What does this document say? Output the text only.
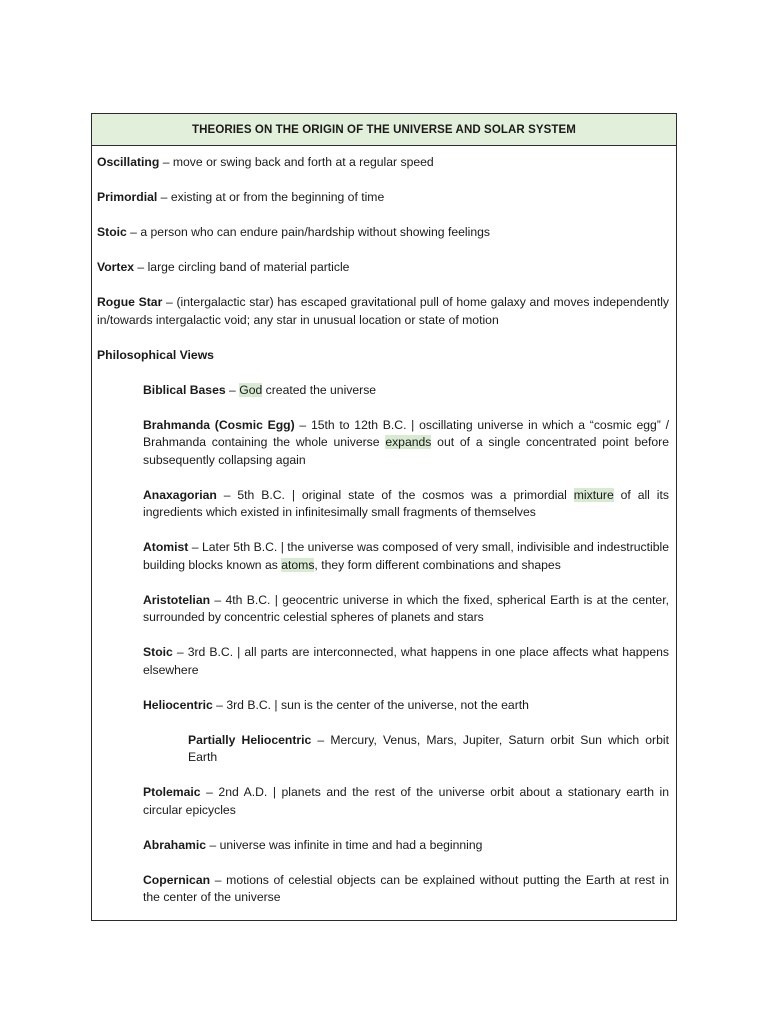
THEORIES ON THE ORIGIN OF THE UNIVERSE AND SOLAR SYSTEM

Oscillating – move or swing back and forth at a regular speed

Primordial – existing at or from the beginning of time

Stoic – a person who can endure pain/hardship without showing feelings

Vortex – large circling band of material particle

Rogue Star – (intergalactic star) has escaped gravitational pull of home galaxy and moves independently in/towards intergalactic void; any star in unusual location or state of motion

Philosophical Views

Biblical Bases – God created the universe

Brahmanda (Cosmic Egg) – 15th to 12th B.C. | oscillating universe in which a “cosmic egg” / Brahmanda containing the whole universe expands out of a single concentrated point before subsequently collapsing again

Anaxagorian – 5th B.C. | original state of the cosmos was a primordial mixture of all its ingredients which existed in infinitesimally small fragments of themselves

Atomist – Later 5th B.C. | the universe was composed of very small, indivisible and indestructible building blocks known as atoms, they form different combinations and shapes

Aristotelian – 4th B.C. | geocentric universe in which the fixed, spherical Earth is at the center, surrounded by concentric celestial spheres of planets and stars

Stoic – 3rd B.C. | all parts are interconnected, what happens in one place affects what happens elsewhere

Heliocentric – 3rd B.C. | sun is the center of the universe, not the earth

Partially Heliocentric – Mercury, Venus, Mars, Jupiter, Saturn orbit Sun which orbit Earth

Ptolemaic – 2nd A.D. | planets and the rest of the universe orbit about a stationary earth in circular epicycles

Abrahamic – universe was infinite in time and had a beginning

Copernican – motions of celestial objects can be explained without putting the Earth at rest in the center of the universe
